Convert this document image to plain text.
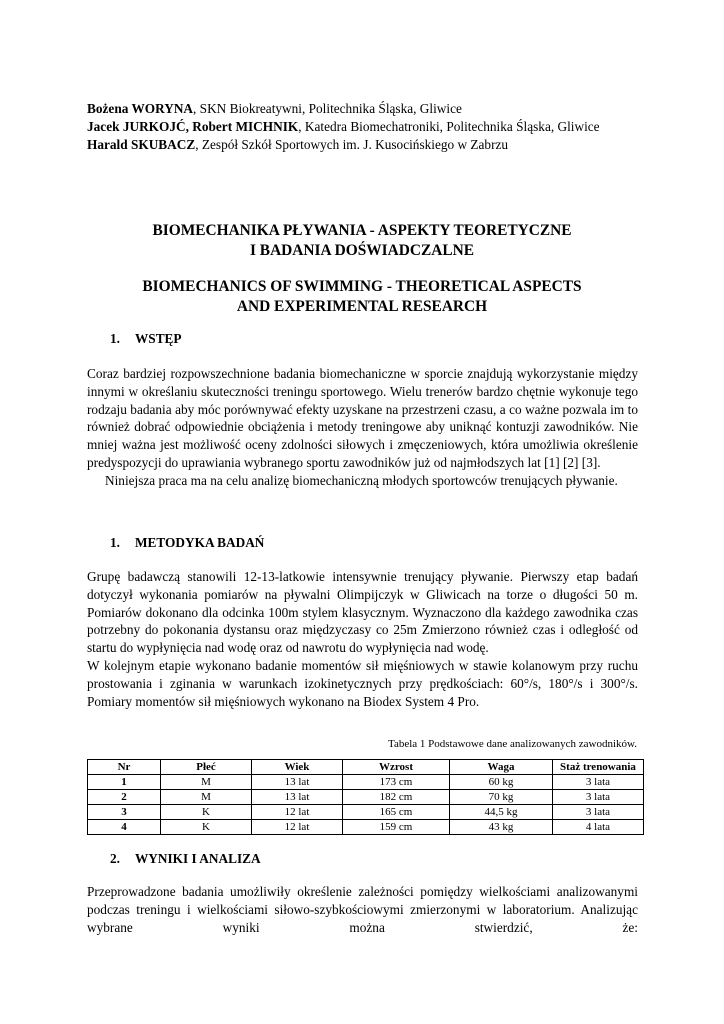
Bożena WORYNA, SKN Biokreatywni, Politechnika Śląska, Gliwice

Jacek JURKOJĆ, Robert MICHNIK, Katedra Biomechatroniki, Politechnika Śląska, Gliwice

Harald SKUBACZ, Zespół Szkół Sportowych im. J. Kusocińskiego w Zabrzu

BIOMECHANIKA PŁYWANIA - ASPEKTY TEORETYCZNE
I BADANIA DOŚWIADCZALNE
BIOMECHANICS OF SWIMMING - THEORETICAL ASPECTS
AND EXPERIMENTAL RESEARCH
1. WSTĘP

Coraz bardziej rozpowszechnione badania biomechaniczne w sporcie znajdują wykorzystanie między innymi w określaniu skuteczności treningu sportowego. Wielu trenerów bardzo chętnie wykonuje tego rodzaju badania aby móc porównywać efekty uzyskane na przestrzeni czasu, a co ważne pozwala im to również dobrać odpowiednie obciążenia i metody treningowe aby uniknąć kontuzji zawodników. Nie mniej ważna jest możliwość oceny zdolności siłowych i zmęczeniowych, która umożliwia określenie predyspozycji do uprawiania wybranego sportu zawodników już od najmłodszych lat [1] [2] [3].

Niniejsza praca ma na celu analizę biomechaniczną młodych sportowców trenujących pływanie.

1. METODYKA BADAŃ

Grupę badawczą stanowili 12-13-latkowie intensywnie trenujący pływanie. Pierwszy etap badań dotyczył wykonania pomiarów na pływalni Olimpijczyk w Gliwicach na torze o długości 50 m. Pomiarów dokonano dla odcinka 100m stylem klasycznym. Wyznaczono dla każdego zawodnika czas potrzebny do pokonania dystansu oraz międzyczasy co 25m Zmierzono również czas i odległość od startu do wypłynięcia nad wodę oraz od nawrotu do wypłynięcia nad wodę.

W kolejnym etapie wykonano badanie momentów sił mięśniowych w stawie kolanowym przy ruchu prostowania i zginania w warunkach izokinetycznych przy prędkościach: 60°/s, 180°/s i 300°/s. Pomiary momentów sił mięśniowych wykonano na Biodex System 4 Pro.

Tabela 1 Podstawowe dane analizowanych zawodników.

Nr	Płeć	Wiek	Wzrost	Waga	Staż trenowania
1	M	13 lat	173 cm	60 kg	3 lata
2	M	13 lat	182 cm	70 kg	3 lata
3	K	12 lat	165 cm	44,5 kg	3 lata
4	K	12 lat	159 cm	43 kg	4 lata
2. WYNIKI I ANALIZA

Przeprowadzone badania umożliwiły określenie zależności pomiędzy wielkościami analizowanymi podczas treningu i wielkościami siłowo-szybkościowymi zmierzonymi w laboratorium. Analizując wybrane wyniki można stwierdzić, że:
